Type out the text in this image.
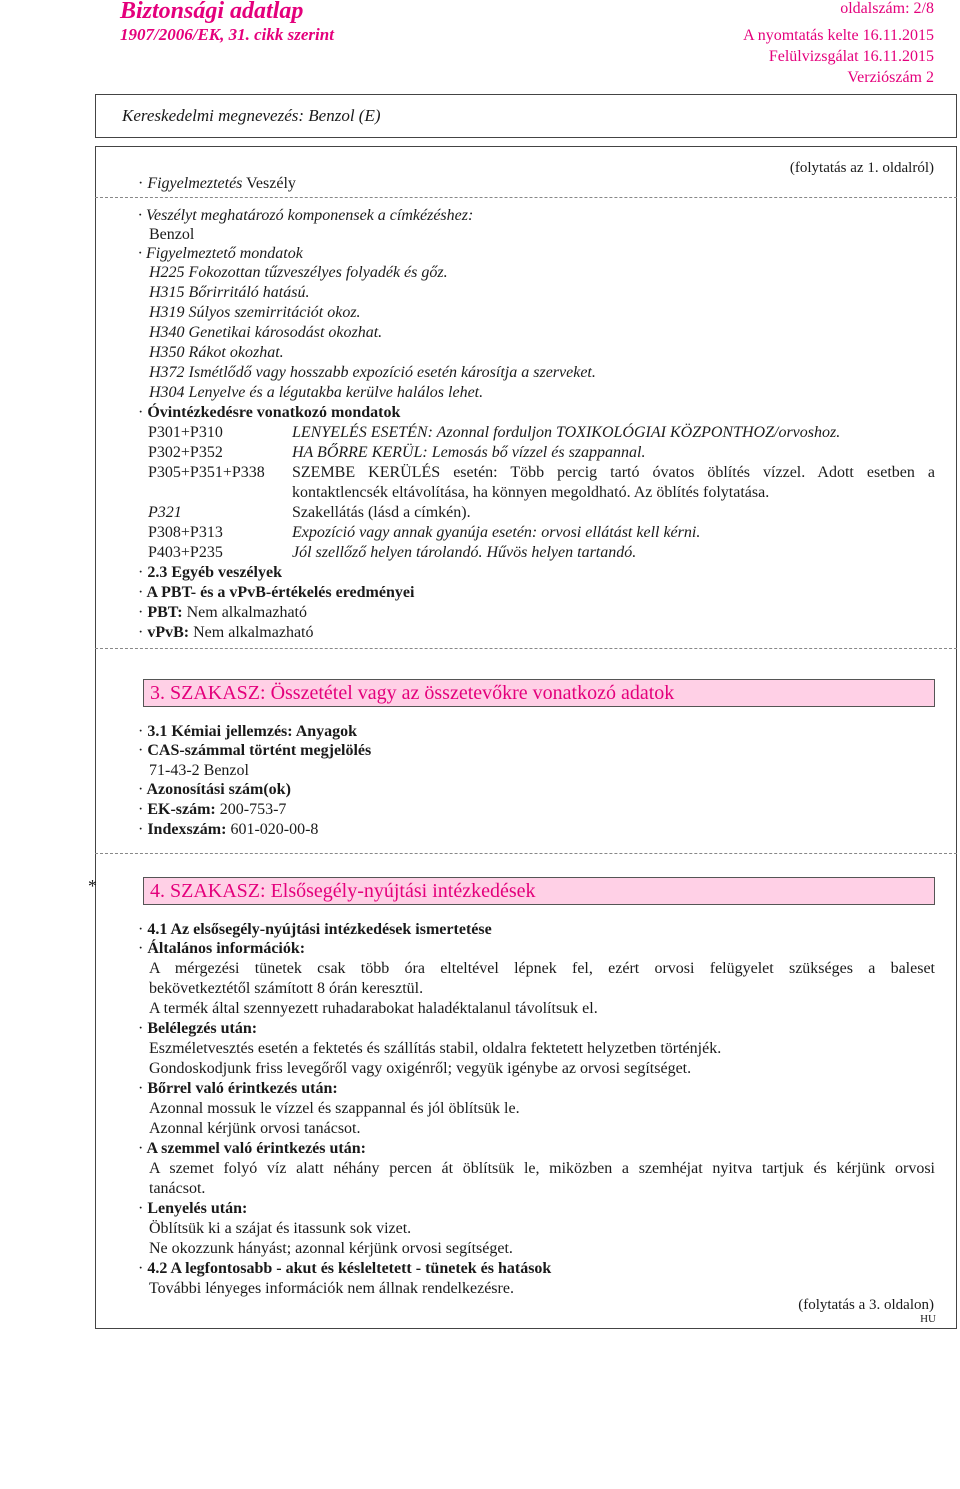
Biztonsági adatlap
1907/2006/EK, 31. cikk szerint
oldalszám: 2/8
A nyomtatás kelte 16.11.2015
Felülvizsgálat 16.11.2015
Verziószám 2
Kereskedelmi megnevezés: Benzol (E)
(folytatás az 1. oldalról)
· Figyelmeztetés Veszély
· Veszélyt meghatározó komponensek a címkézéshez:
Benzol
· Figyelmeztető mondatok
H225 Fokozottan tűzveszélyes folyadék és gőz.
H315 Bőrirritáló hatású.
H319 Súlyos szemirritációt okoz.
H340 Genetikai károsodást okozhat.
H350 Rákot okozhat.
H372 Ismétlődő vagy hosszabb expozíció esetén károsítja a szerveket.
H304 Lenyelve és a légutakba kerülve halálos lehet.
· Óvintézkedésre vonatkozó mondatok
P301+P310	LENYELÉS ESETÉN: Azonnal forduljon TOXIKOLÓGIAI KÖZPONTHOZ/orvoshoz.
P302+P352	HA BŐRRE KERÜL: Lemosás bő vízzel és szappannal.
P305+P351+P338 SZEMBE KERÜLÉS esetén: Több percig tartó óvatos öblítés vízzel. Adott esetben a
kontaktlencsék eltávolítása, ha könnyen megoldható. Az öblítés folytatása.
P321	Szakellátás (lásd a címkén).
P308+P313	Expozíció vagy annak gyanúja esetén: orvosi ellátást kell kérni.
P403+P235	Jól szellőző helyen tárolandó. Hűvös helyen tartandó.
· 2.3 Egyéb veszélyek
· A PBT- és a vPvB-értékelés eredményei
· PBT: Nem alkalmazható
· vPvB: Nem alkalmazható
3. SZAKASZ: Összetétel vagy az összetevőkre vonatkozó adatok
· 3.1 Kémiai jellemzés: Anyagok
· CAS-számmal történt megjelölés
71-43-2 Benzol
· Azonosítási szám(ok)
· EK-szám: 200-753-7
· Indexszám: 601-020-00-8
*	4. SZAKASZ: Elsősegély-nyújtási intézkedések
· 4.1 Az elsősegély-nyújtási intézkedések ismertetése
· Általános információk:
A mérgezési tünetek csak több óra elteltével lépnek fel, ezért orvosi felügyelet szükséges a baleset
bekövetkeztétől számított 8 órán keresztül.
A termék által szennyezett ruhadarabokat haladéktalanul távolítsuk el.
· Belélegzés után:
Eszméletvesztés esetén a fektetés és szállítás stabil, oldalra fektetett helyzetben történjék.
Gondoskodjunk friss levegőről vagy oxigénről; vegyük igénybe az orvosi segítséget.
· Bőrrel való érintkezés után:
Azonnal mossuk le vízzel és szappannal és jól öblítsük le.
Azonnal kérjünk orvosi tanácsot.
· A szemmel való érintkezés után:
A szemet folyó víz alatt néhány percen át öblítsük le, miközben a szemhéjat nyitva tartjuk és kérjünk orvosi
tanácsot.
· Lenyelés után:
Öblítsük ki a szájat és itassunk sok vizet.
Ne okozzunk hányást; azonnal kérjünk orvosi segítséget.
· 4.2 A legfontosabb - akut és késleltetett - tünetek és hatások
További lényeges információk nem állnak rendelkezésre.
(folytatás a 3. oldalon)
HU
